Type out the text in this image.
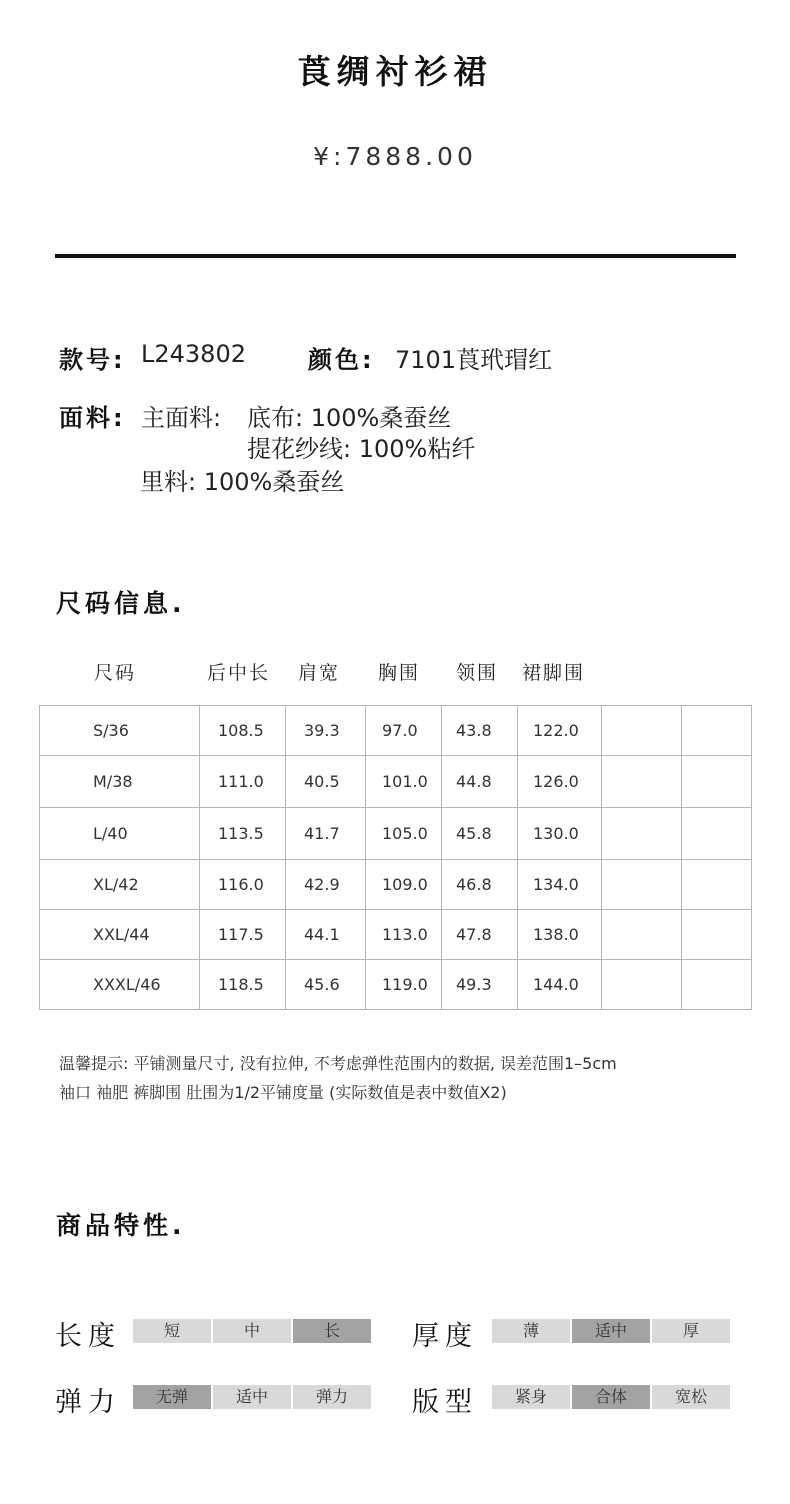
莨绸衬衫裙
¥:7888.00
款号: L243802	颜色: 7101莨玳瑁红
面料: 主面料: 底布: 100%桑蚕丝
提花纱线: 100%粘纤
里料: 100%桑蚕丝
尺码信息.
尺码	后中长 肩宽 胸围 领围 裙脚围
S/36	108.5	39.3	97.0	43.8	122.0		
M/38	111.0	40.5	101.0	44.8	126.0		
L/40	113.5	41.7	105.0	45.8	130.0		
XL/42	116.0	42.9	109.0	46.8	134.0		
XXL/44	117.5	44.1	113.0	47.8	138.0		
XXXL/46	118.5	45.6	119.0	49.3	144.0		
温馨提示: 平铺测量尺寸, 没有拉伸, 不考虑弹性范围内的数据, 误差范围1–5cm
袖口 袖肥 裤脚围 肚围为1/2平铺度量 (实际数值是表中数值X2)
商品特性.
长度	短	中	长	厚度	薄	适中	厚
弹力	无弹	适中	弹力	版型	紧身	合体	宽松
